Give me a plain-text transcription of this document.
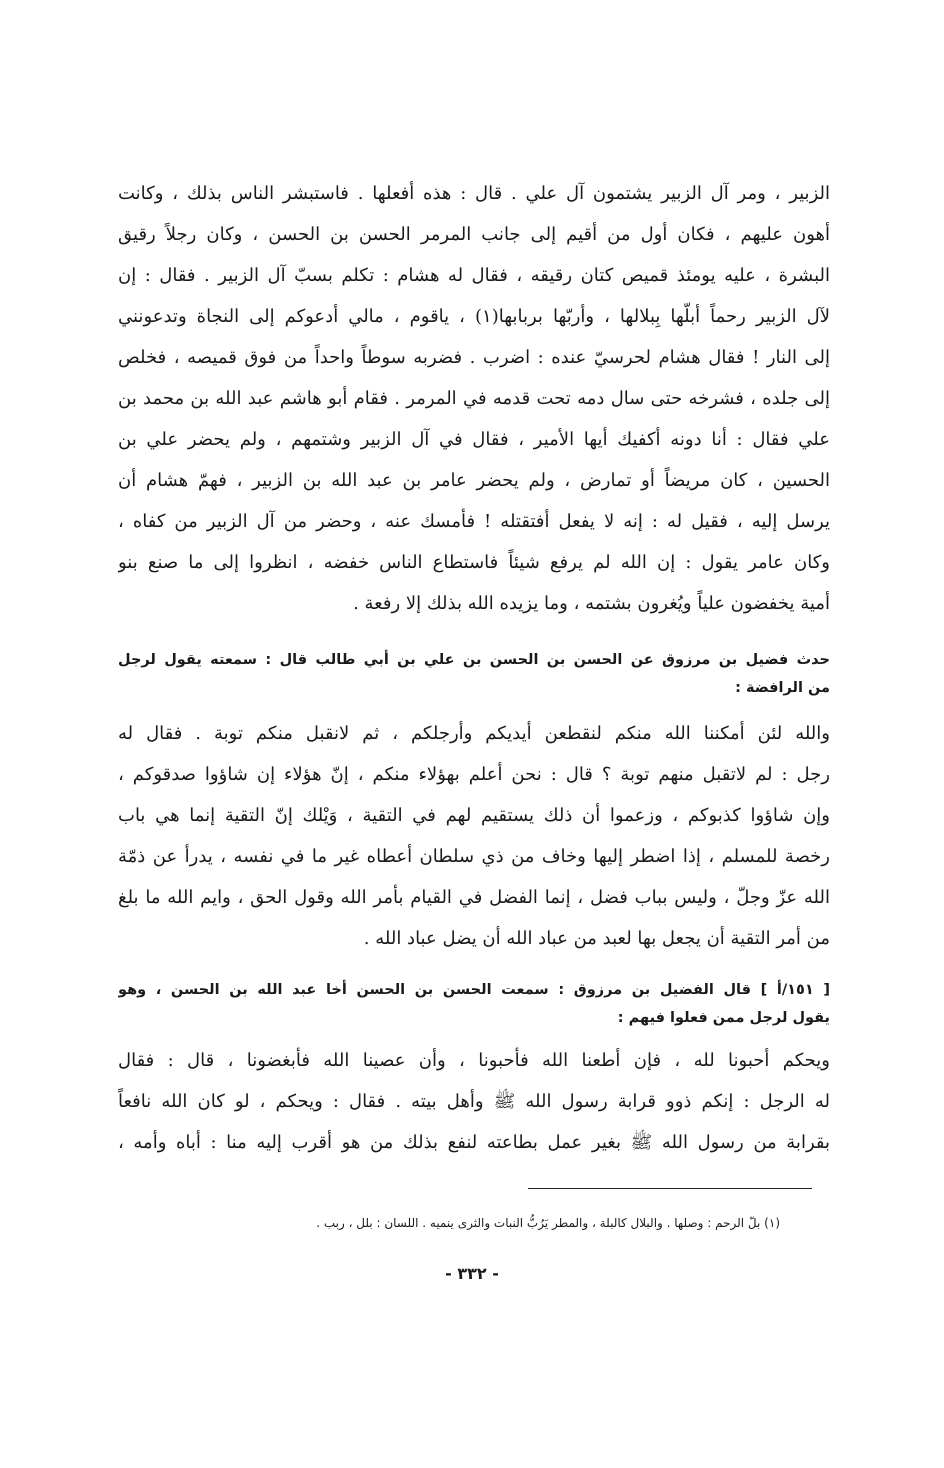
الزبير ، ومر آل الزبير يشتمون آل علي . قال : هذه أفعلها . فاستبشر الناس بذلك ، وكانت
أهون عليهم ، فكان أول من أقيم إلى جانب المرمر الحسن بن الحسن ، وكان رجلاً رقيق
البشرة ، عليه يومئذ قميص كتان رقيقه ، فقال له هشام : تكلم بسبّ آل الزبير . فقال : إن
لآل الزبير رحماً أبلّها بِبلالها ، وأربّها بربابها(١) ، ياقوم ، مالي أدعوكم إلى النجاة وتدعونني
إلى النار ! فقال هشام لحرسيّ عنده : اضرب . فضربه سوطاً واحداً من فوق قميصه ، فخلص
إلى جلده ، فشرخه حتى سال دمه تحت قدمه في المرمر . فقام أبو هاشم عبد الله بن محمد بن
علي فقال : أنا دونه أكفيك أيها الأمير ، فقال في آل الزبير وشتمهم ، ولم يحضر علي بن
الحسين ، كان مريضاً أو تمارض ، ولم يحضر عامر بن عبد الله بن الزبير ، فهمّ هشام أن
يرسل إليه ، فقيل له : إنه لا يفعل أفتقتله ! فأمسك عنه ، وحضر من آل الزبير من كفاه ،
وكان عامر يقول : إن الله لم يرفع شيئاً فاستطاع الناس خفضه ، انظروا إلى ما صنع بنو
أمية يخفضون علياً ويُغرون بشتمه ، وما يزيده الله بذلك إلا رفعة .
حدث فضيل بن مرزوق عن الحسن بن الحسن بن علي بن أبي طالب قال : سمعته يقول لرجل
من الرافضة :
والله لئن أمكننا الله منكم لنقطعن أيديكم وأرجلكم ، ثم لانقبل منكم توبة . فقال له
رجل : لم لاتقبل منهم توبة ؟ قال : نحن أعلم بهؤلاء منكم ، إنّ هؤلاء إن شاؤوا صدقوكم ،
وإن شاؤوا كذبوكم ، وزعموا أن ذلك يستقيم لهم في التقية ، وَيْلك إنّ التقية إنما هي باب
رخصة للمسلم ، إذا اضطر إليها وخاف من ذي سلطان أعطاه غير ما في نفسه ، يدرأ عن ذمّة
الله عزّ وجلّ ، وليس بباب فضل ، إنما الفضل في القيام بأمر الله وقول الحق ، وايم الله ما بلغ
من أمر التقية أن يجعل بها لعبد من عباد الله أن يضل عباد الله .
[ ١٥١/أ ] قال الفضيل بن مرزوق : سمعت الحسن بن الحسن أخا عبد الله بن الحسن ، وهو
يقول لرجل ممن فعلوا فيهم :
ويحكم أحبونا لله ، فإن أطعنا الله فأحبونا ، وأن عصينا الله فأبغضونا ، قال : فقال
له الرجل : إنكم ذوو قرابة رسول الله ﷺ وأهل بيته . فقال : ويحكم ، لو كان الله نافعاً
بقرابة من رسول الله ﷺ بغير عمل بطاعته لنفع بذلك من هو أقرب إليه منا : أباه وأمه ،
(١) بلّ الرحم : وصلها . والبلال كالبلة ، والمطر يَرُبُّ النبات والثرى ينميه . اللسان : بلل ، ربب .
- ٣٣٢ -
